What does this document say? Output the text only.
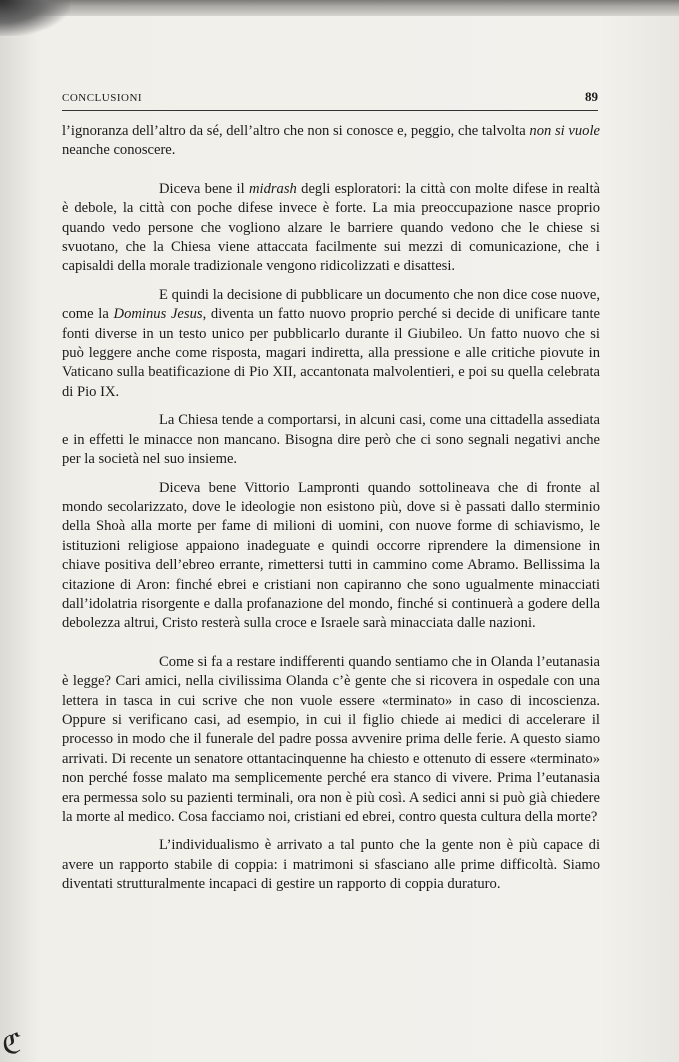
CONCLUSIONI	89

l’ignoranza dell’altro da sé, dell’altro che non si conosce e, peggio, che talvolta non si vuole neanche conoscere.

Diceva bene il midrash degli esploratori: la città con molte difese in realtà è debole, la città con poche difese invece è forte. La mia preoccupazione nasce proprio quando vedo persone che vogliono alzare le barriere quando vedono che le chiese si svuotano, che la Chiesa viene attaccata facilmente sui mezzi di comunicazione, che i capisaldi della morale tradizionale vengono ridicolizzati e disattesi.

E quindi la decisione di pubblicare un documento che non dice cose nuove, come la Dominus Jesus, diventa un fatto nuovo proprio perché si decide di unificare tante fonti diverse in un testo unico per pubblicarlo durante il Giubileo. Un fatto nuovo che si può leggere anche come risposta, magari indiretta, alla pressione e alle critiche piovute in Vaticano sulla beatificazione di Pio XII, accantonata malvolentieri, e poi su quella celebrata di Pio IX.

La Chiesa tende a comportarsi, in alcuni casi, come una cittadella assediata e in effetti le minacce non mancano. Bisogna dire però che ci sono segnali negativi anche per la società nel suo insieme.

Diceva bene Vittorio Lampronti quando sottolineava che di fronte al mondo secolarizzato, dove le ideologie non esistono più, dove si è passati dallo sterminio della Shoà alla morte per fame di milioni di uomini, con nuove forme di schiavismo, le istituzioni religiose appaiono inadeguate e quindi occorre riprendere la dimensione in chiave positiva dell’ebreo errante, rimettersi tutti in cammino come Abramo. Bellissima la citazione di Aron: finché ebrei e cristiani non capiranno che sono ugualmente minacciati dall’idolatria risorgente e dalla profanazione del mondo, finché si continuerà a godere della debolezza altrui, Cristo resterà sulla croce e Israele sarà minacciata dalle nazioni.

Come si fa a restare indifferenti quando sentiamo che in Olanda l’eutanasia è legge? Cari amici, nella civilissima Olanda c’è gente che si ricovera in ospedale con una lettera in tasca in cui scrive che non vuole essere «terminato» in caso di incoscienza. Oppure si verificano casi, ad esempio, in cui il figlio chiede ai medici di accelerare il processo in modo che il funerale del padre possa avvenire prima delle ferie. A questo siamo arrivati. Di recente un senatore ottantacinquenne ha chiesto e ottenuto di essere «terminato» non perché fosse malato ma semplicemente perché era stanco di vivere. Prima l’eutanasia era permessa solo su pazienti terminali, ora non è più così. A sedici anni si può già chiedere la morte al medico. Cosa facciamo noi, cristiani ed ebrei, contro questa cultura della morte?

L’individualismo è arrivato a tal punto che la gente non è più capace di avere un rapporto stabile di coppia: i matrimoni si sfasciano alle prime difficoltà. Siamo diventati strutturalmente incapaci di gestire un rapporto di coppia duraturo.

ℭ
